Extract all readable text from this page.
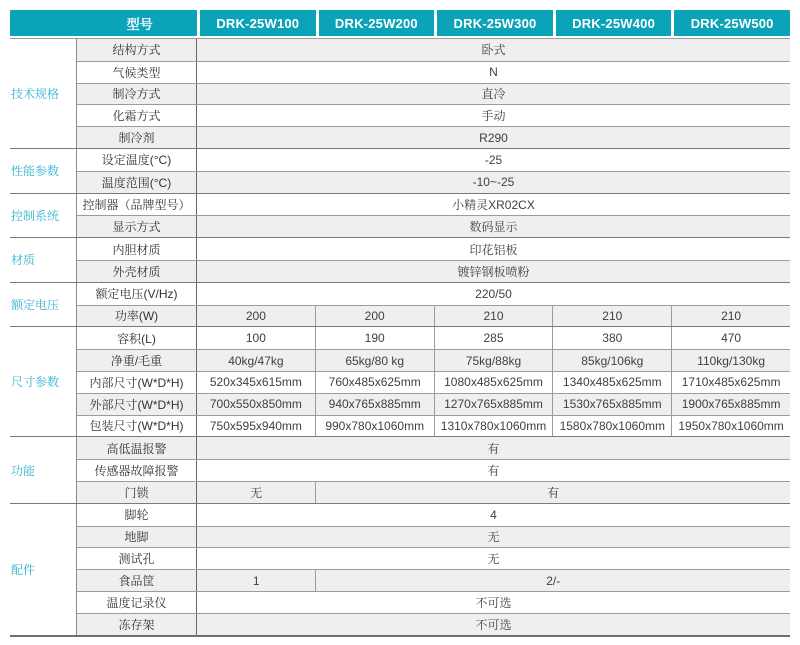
型号	DRK-25W100	DRK-25W200	DRK-25W300	DRK-25W400	DRK-25W500
技术规格
结构方式	卧式
气候类型	N
制冷方式	直冷
化霜方式	手动
制冷剂	R290
性能参数
设定温度(°C)	-25
温度范围(°C)	-10~-25
控制系统
控制器（品牌型号）	小精灵XR02CX
显示方式	数码显示
材质
内胆材质	印花铝板
外壳材质	镀锌钢板喷粉
额定电压
额定电压(V/Hz)	220/50
功率(W)	200	200	210	210	210
尺寸参数
容积(L)	100	190	285	380	470
净重/毛重	40kg/47kg	65kg/80 kg	75kg/88kg	85kg/106kg	110kg/130kg
内部尺寸(W*D*H)	520x345x615mm	760x485x625mm	1080x485x625mm	1340x485x625mm	1710x485x625mm
外部尺寸(W*D*H)	700x550x850mm	940x765x885mm	1270x765x885mm	1530x765x885mm	1900x765x885mm
包装尺寸(W*D*H)	750x595x940mm	990x780x1060mm	1310x780x1060mm	1580x780x1060mm	1950x780x1060mm
功能
高低温报警	有
传感器故障报警	有
门锁	无	有
配件
脚轮	4
地脚	无
测试孔	无
食品筐	1	2/-
温度记录仪	不可选
冻存架	不可选
